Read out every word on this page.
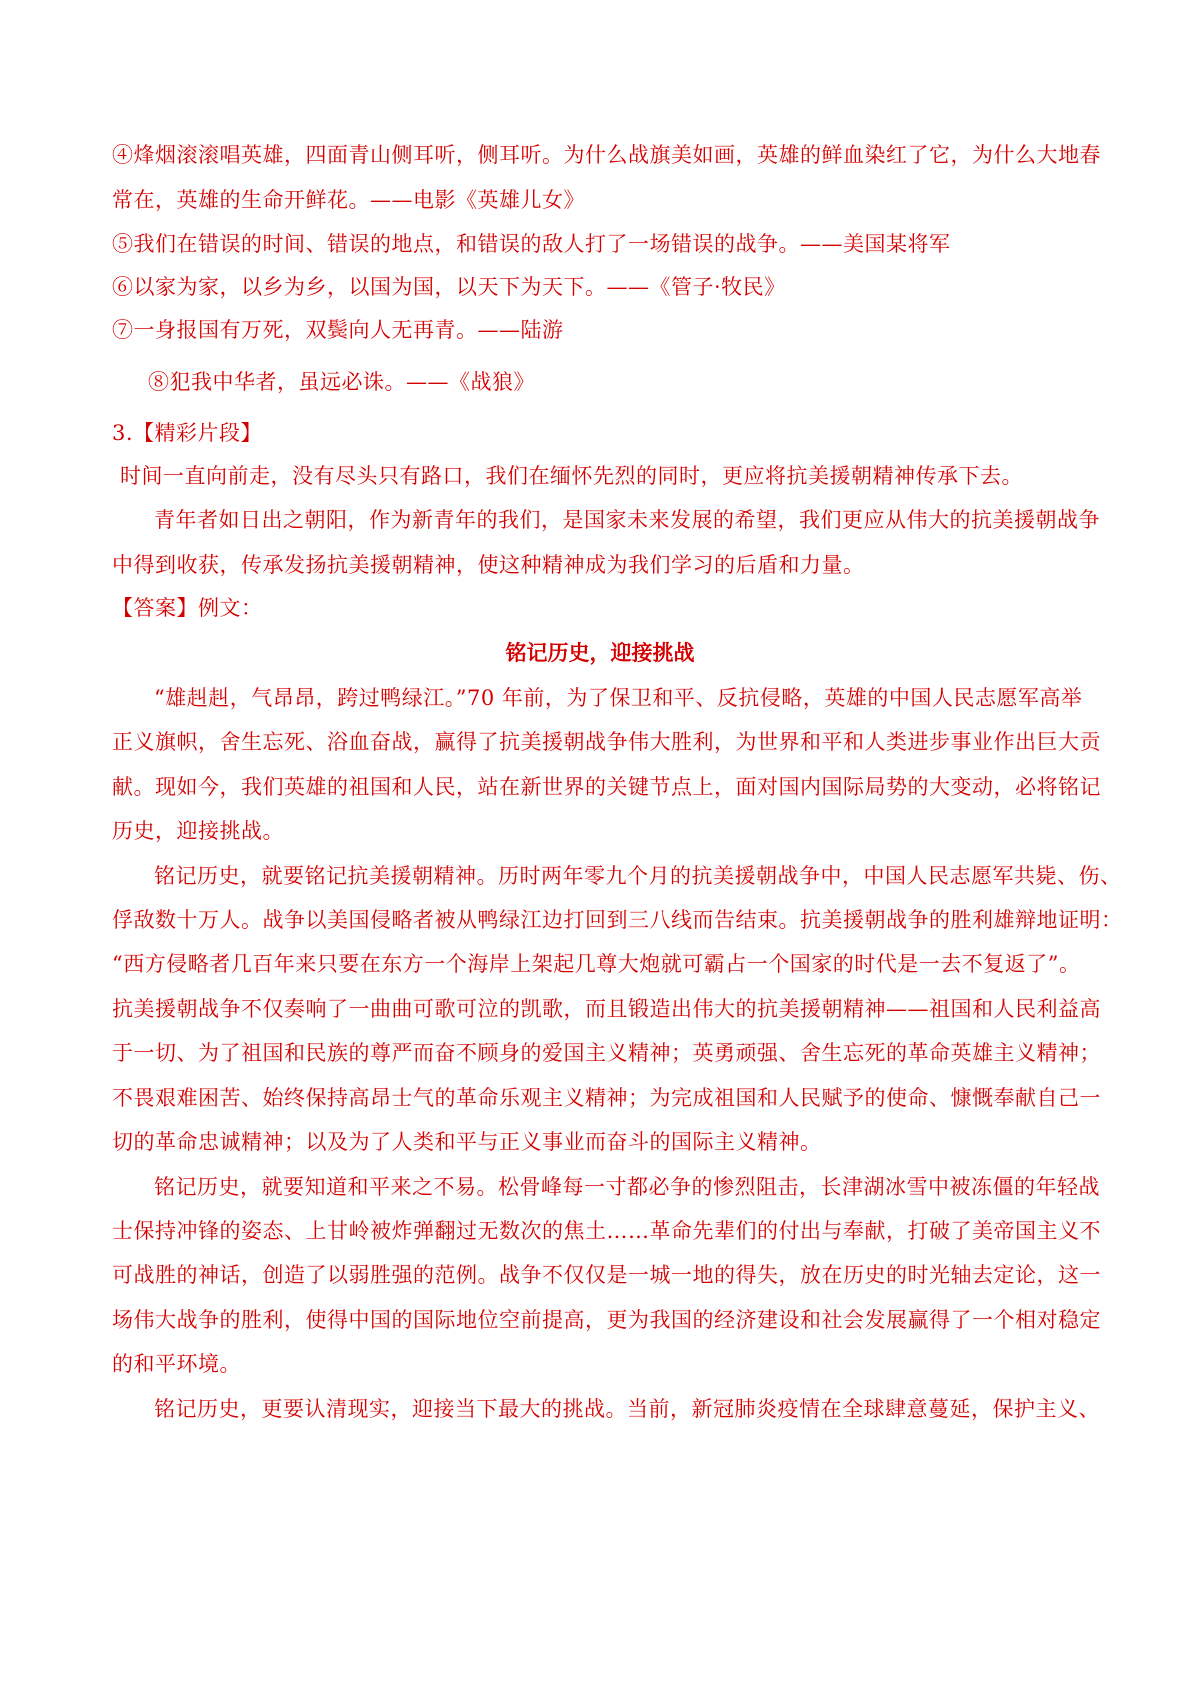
④烽烟滚滚唱英雄，四面青山侧耳听，侧耳听。为什么战旗美如画，英雄的鲜血染红了它，为什么大地春
常在，英雄的生命开鲜花。——电影《英雄儿女》
⑤我们在错误的时间、错误的地点，和错误的敌人打了一场错误的战争。——美国某将军
⑥以家为家，以乡为乡，以国为国，以天下为天下。——《管子·牧民》
⑦一身报国有万死，双鬓向人无再青。——陆游
⑧犯我中华者，虽远必诛。——《战狼》
3.【精彩片段】
时间一直向前走，没有尽头只有路口，我们在缅怀先烈的同时，更应将抗美援朝精神传承下去。
青年者如日出之朝阳，作为新青年的我们，是国家未来发展的希望，我们更应从伟大的抗美援朝战争
中得到收获，传承发扬抗美援朝精神，使这种精神成为我们学习的后盾和力量。
【答案】例文：
铭记历史，迎接挑战
“雄赳赳，气昂昂，跨过鸭绿江。”70 年前，为了保卫和平、反抗侵略，英雄的中国人民志愿军高举
正义旗帜，舍生忘死、浴血奋战，赢得了抗美援朝战争伟大胜利，为世界和平和人类进步事业作出巨大贡
献。现如今，我们英雄的祖国和人民，站在新世界的关键节点上，面对国内国际局势的大变动，必将铭记
历史，迎接挑战。
铭记历史，就要铭记抗美援朝精神。历时两年零九个月的抗美援朝战争中，中国人民志愿军共毙、伤、
俘敌数十万人。战争以美国侵略者被从鸭绿江边打回到三八线而告结束。抗美援朝战争的胜利雄辩地证明：
“西方侵略者几百年来只要在东方一个海岸上架起几尊大炮就可霸占一个国家的时代是一去不复返了”。
抗美援朝战争不仅奏响了一曲曲可歌可泣的凯歌，而且锻造出伟大的抗美援朝精神——祖国和人民利益高
于一切、为了祖国和民族的尊严而奋不顾身的爱国主义精神；英勇顽强、舍生忘死的革命英雄主义精神；
不畏艰难困苦、始终保持高昂士气的革命乐观主义精神；为完成祖国和人民赋予的使命、慷慨奉献自己一
切的革命忠诚精神；以及为了人类和平与正义事业而奋斗的国际主义精神。
铭记历史，就要知道和平来之不易。松骨峰每一寸都必争的惨烈阻击，长津湖冰雪中被冻僵的年轻战
士保持冲锋的姿态、上甘岭被炸弹翻过无数次的焦土……革命先辈们的付出与奉献，打破了美帝国主义不
可战胜的神话，创造了以弱胜强的范例。战争不仅仅是一城一地的得失，放在历史的时光轴去定论，这一
场伟大战争的胜利，使得中国的国际地位空前提高，更为我国的经济建设和社会发展赢得了一个相对稳定
的和平环境。
铭记历史，更要认清现实，迎接当下最大的挑战。当前，新冠肺炎疫情在全球肆意蔓延，保护主义、
